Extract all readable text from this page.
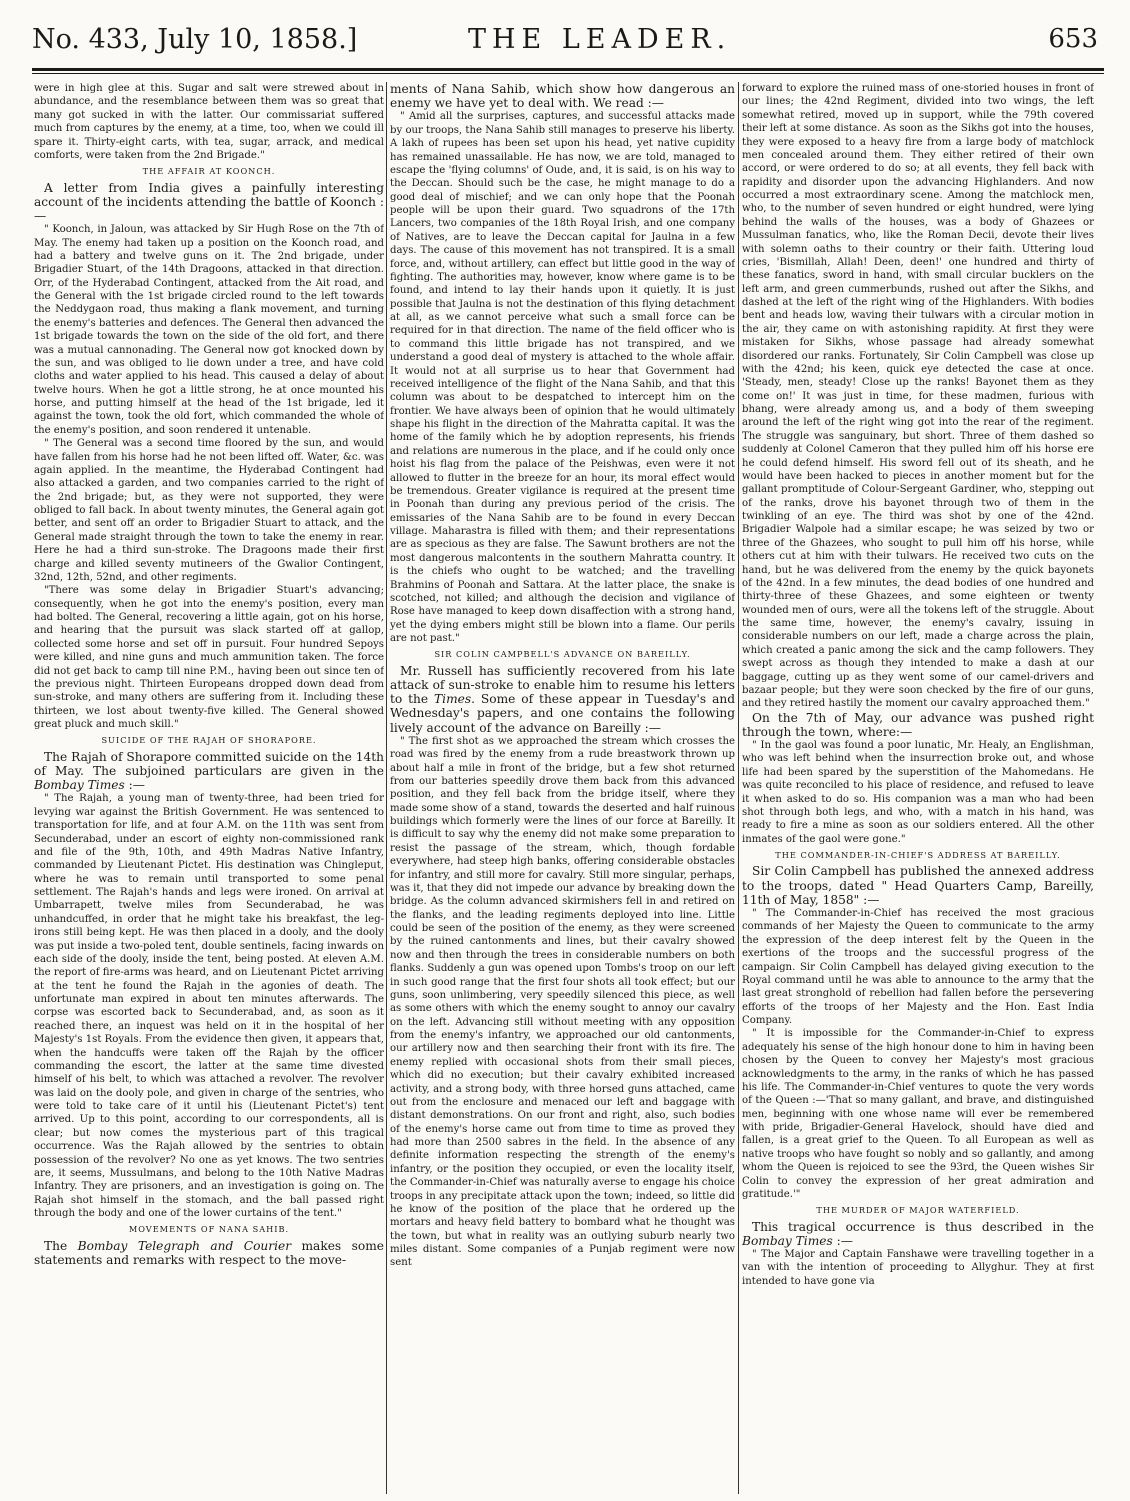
No. 433, July 10, 1858.]	THE LEADER.	653

were in high glee at this. Sugar and salt were strewed about in abundance, and the resemblance between them was so great that many got sucked in with the latter. Our commissariat suffered much from captures by the enemy, at a time, too, when we could ill spare it. Thirty-eight carts, with tea, sugar, arrack, and medical comforts, were taken from the 2nd Brigade."

THE AFFAIR AT KOONCH.

A letter from India gives a painfully interesting account of the incidents attending the battle of Koonch :—

" Koonch, in Jaloun, was attacked by Sir Hugh Rose on the 7th of May. The enemy had taken up a position on the Koonch road, and had a battery and twelve guns on it. The 2nd brigade, under Brigadier Stuart, of the 14th Dragoons, attacked in that direction. Orr, of the Hyderabad Contingent, attacked from the Ait road, and the General with the 1st brigade circled round to the left towards the Neddygaon road, thus making a flank movement, and turning the enemy's batteries and defences. The General then advanced the 1st brigade towards the town on the side of the old fort, and there was a mutual cannonading. The General now got knocked down by the sun, and was obliged to lie down under a tree, and have cold cloths and water applied to his head. This caused a delay of about twelve hours. When he got a little strong, he at once mounted his horse, and putting himself at the head of the 1st brigade, led it against the town, took the old fort, which commanded the whole of the enemy's position, and soon rendered it untenable.

" The General was a second time floored by the sun, and would have fallen from his horse had he not been lifted off. Water, &c. was again applied. In the meantime, the Hyderabad Contingent had also attacked a garden, and two companies carried to the right of the 2nd brigade; but, as they were not supported, they were obliged to fall back. In about twenty minutes, the General again got better, and sent off an order to Brigadier Stuart to attack, and the General made straight through the town to take the enemy in rear. Here he had a third sun-stroke. The Dragoons made their first charge and killed seventy mutineers of the Gwalior Contingent, 32nd, 12th, 52nd, and other regiments.

"There was some delay in Brigadier Stuart's advancing; consequently, when he got into the enemy's position, every man had bolted. The General, recovering a little again, got on his horse, and hearing that the pursuit was slack started off at gallop, collected some horse and set off in pursuit. Four hundred Sepoys were killed, and nine guns and much ammunition taken. The force did not get back to camp till nine P.M., having been out since ten of the previous night. Thirteen Europeans dropped down dead from sun-stroke, and many others are suffering from it. Including these thirteen, we lost about twenty-five killed. The General showed great pluck and much skill."

SUICIDE OF THE RAJAH OF SHORAPORE.

The Rajah of Shorapore committed suicide on the 14th of May. The subjoined particulars are given in the Bombay Times :—

" The Rajah, a young man of twenty-three, had been tried for levying war against the British Government. He was sentenced to transportation for life, and at four A.M. on the 11th was sent from Secunderabad, under an escort of eighty non-commissioned rank and file of the 9th, 10th, and 49th Madras Native Infantry, commanded by Lieutenant Pictet. His destination was Chingleput, where he was to remain until transported to some penal settlement. The Rajah's hands and legs were ironed. On arrival at Umbarrapett, twelve miles from Secunderabad, he was unhandcuffed, in order that he might take his breakfast, the leg-irons still being kept. He was then placed in a dooly, and the dooly was put inside a two-poled tent, double sentinels, facing inwards on each side of the dooly, inside the tent, being posted. At eleven A.M. the report of fire-arms was heard, and on Lieutenant Pictet arriving at the tent he found the Rajah in the agonies of death. The unfortunate man expired in about ten minutes afterwards. The corpse was escorted back to Secunderabad, and, as soon as it reached there, an inquest was held on it in the hospital of her Majesty's 1st Royals. From the evidence then given, it appears that, when the handcuffs were taken off the Rajah by the officer commanding the escort, the latter at the same time divested himself of his belt, to which was attached a revolver. The revolver was laid on the dooly pole, and given in charge of the sentries, who were told to take care of it until his (Lieutenant Pictet's) tent arrived. Up to this point, according to our correspondents, all is clear; but now comes the mysterious part of this tragical occurrence. Was the Rajah allowed by the sentries to obtain possession of the revolver? No one as yet knows. The two sentries are, it seems, Mussulmans, and belong to the 10th Native Madras Infantry. They are prisoners, and an investigation is going on. The Rajah shot himself in the stomach, and the ball passed right through the body and one of the lower curtains of the tent."

MOVEMENTS OF NANA SAHIB.

The Bombay Telegraph and Courier makes some statements and remarks with respect to the move-

ments of Nana Sahib, which show how dangerous an enemy we have yet to deal with. We read :—

" Amid all the surprises, captures, and successful attacks made by our troops, the Nana Sahib still manages to preserve his liberty. A lakh of rupees has been set upon his head, yet native cupidity has remained unassailable. He has now, we are told, managed to escape the 'flying columns' of Oude, and, it is said, is on his way to the Deccan. Should such be the case, he might manage to do a good deal of mischief; and we can only hope that the Poonah people will be upon their guard. Two squadrons of the 17th Lancers, two companies of the 18th Royal Irish, and one company of Natives, are to leave the Deccan capital for Jaulna in a few days. The cause of this movement has not transpired. It is a small force, and, without artillery, can effect but little good in the way of fighting. The authorities may, however, know where game is to be found, and intend to lay their hands upon it quietly. It is just possible that Jaulna is not the destination of this flying detachment at all, as we cannot perceive what such a small force can be required for in that direction. The name of the field officer who is to command this little brigade has not transpired, and we understand a good deal of mystery is attached to the whole affair. It would not at all surprise us to hear that Government had received intelligence of the flight of the Nana Sahib, and that this column was about to be despatched to intercept him on the frontier. We have always been of opinion that he would ultimately shape his flight in the direction of the Mahratta capital. It was the home of the family which he by adoption represents, his friends and relations are numerous in the place, and if he could only once hoist his flag from the palace of the Peishwas, even were it not allowed to flutter in the breeze for an hour, its moral effect would be tremendous. Greater vigilance is required at the present time in Poonah than during any previous period of the crisis. The emissaries of the Nana Sahib are to be found in every Deccan village. Maharastra is filled with them; and their representations are as specious as they are false. The Sawunt brothers are not the most dangerous malcontents in the southern Mahratta country. It is the chiefs who ought to be watched; and the travelling Brahmins of Poonah and Sattara. At the latter place, the snake is scotched, not killed; and although the decision and vigilance of Rose have managed to keep down disaffection with a strong hand, yet the dying embers might still be blown into a flame. Our perils are not past."

SIR COLIN CAMPBELL'S ADVANCE ON BAREILLY.

Mr. Russell has sufficiently recovered from his late attack of sun-stroke to enable him to resume his letters to the Times. Some of these appear in Tuesday's and Wednesday's papers, and one contains the following lively account of the advance on Bareilly :—

" The first shot as we approached the stream which crosses the road was fired by the enemy from a rude breastwork thrown up about half a mile in front of the bridge, but a few shot returned from our batteries speedily drove them back from this advanced position, and they fell back from the bridge itself, where they made some show of a stand, towards the deserted and half ruinous buildings which formerly were the lines of our force at Bareilly. It is difficult to say why the enemy did not make some preparation to resist the passage of the stream, which, though fordable everywhere, had steep high banks, offering considerable obstacles for infantry, and still more for cavalry. Still more singular, perhaps, was it, that they did not impede our advance by breaking down the bridge. As the column advanced skirmishers fell in and retired on the flanks, and the leading regiments deployed into line. Little could be seen of the position of the enemy, as they were screened by the ruined cantonments and lines, but their cavalry showed now and then through the trees in considerable numbers on both flanks. Suddenly a gun was opened upon Tombs's troop on our left in such good range that the first four shots all took effect; but our guns, soon unlimbering, very speedily silenced this piece, as well as some others with which the enemy sought to annoy our cavalry on the left. Advancing still without meeting with any opposition from the enemy's infantry, we approached our old cantonments, our artillery now and then searching their front with its fire. The enemy replied with occasional shots from their small pieces, which did no execution; but their cavalry exhibited increased activity, and a strong body, with three horsed guns attached, came out from the enclosure and menaced our left and baggage with distant demonstrations. On our front and right, also, such bodies of the enemy's horse came out from time to time as proved they had more than 2500 sabres in the field. In the absence of any definite information respecting the strength of the enemy's infantry, or the position they occupied, or even the locality itself, the Commander-in-Chief was naturally averse to engage his choice troops in any precipitate attack upon the town; indeed, so little did he know of the position of the place that he ordered up the mortars and heavy field battery to bombard what he thought was the town, but what in reality was an outlying suburb nearly two miles distant. Some companies of a Punjab regiment were now sent

forward to explore the ruined mass of one-storied houses in front of our lines; the 42nd Regiment, divided into two wings, the left somewhat retired, moved up in support, while the 79th covered their left at some distance. As soon as the Sikhs got into the houses, they were exposed to a heavy fire from a large body of matchlock men concealed around them. They either retired of their own accord, or were ordered to do so; at all events, they fell back with rapidity and disorder upon the advancing Highlanders. And now occurred a most extraordinary scene. Among the matchlock men, who, to the number of seven hundred or eight hundred, were lying behind the walls of the houses, was a body of Ghazees or Mussulman fanatics, who, like the Roman Decii, devote their lives with solemn oaths to their country or their faith. Uttering loud cries, 'Bismillah, Allah! Deen, deen!' one hundred and thirty of these fanatics, sword in hand, with small circular bucklers on the left arm, and green cummerbunds, rushed out after the Sikhs, and dashed at the left of the right wing of the Highlanders. With bodies bent and heads low, waving their tulwars with a circular motion in the air, they came on with astonishing rapidity. At first they were mistaken for Sikhs, whose passage had already somewhat disordered our ranks. Fortunately, Sir Colin Campbell was close up with the 42nd; his keen, quick eye detected the case at once. 'Steady, men, steady! Close up the ranks! Bayonet them as they come on!' It was just in time, for these madmen, furious with bhang, were already among us, and a body of them sweeping around the left of the right wing got into the rear of the regiment. The struggle was sanguinary, but short. Three of them dashed so suddenly at Colonel Cameron that they pulled him off his horse ere he could defend himself. His sword fell out of its sheath, and he would have been hacked to pieces in another moment but for the gallant promptitude of Colour-Sergeant Gardiner, who, stepping out of the ranks, drove his bayonet through two of them in the twinkling of an eye. The third was shot by one of the 42nd. Brigadier Walpole had a similar escape; he was seized by two or three of the Ghazees, who sought to pull him off his horse, while others cut at him with their tulwars. He received two cuts on the hand, but he was delivered from the enemy by the quick bayonets of the 42nd. In a few minutes, the dead bodies of one hundred and thirty-three of these Ghazees, and some eighteen or twenty wounded men of ours, were all the tokens left of the struggle. About the same time, however, the enemy's cavalry, issuing in considerable numbers on our left, made a charge across the plain, which created a panic among the sick and the camp followers. They swept across as though they intended to make a dash at our baggage, cutting up as they went some of our camel-drivers and bazaar people; but they were soon checked by the fire of our guns, and they retired hastily the moment our cavalry approached them."

On the 7th of May, our advance was pushed right through the town, where:—

" In the gaol was found a poor lunatic, Mr. Healy, an Englishman, who was left behind when the insurrection broke out, and whose life had been spared by the superstition of the Mahomedans. He was quite reconciled to his place of residence, and refused to leave it when asked to do so. His companion was a man who had been shot through both legs, and who, with a match in his hand, was ready to fire a mine as soon as our soldiers entered. All the other inmates of the gaol were gone."

THE COMMANDER-IN-CHIEF'S ADDRESS AT BAREILLY.

Sir Colin Campbell has published the annexed address to the troops, dated " Head Quarters Camp, Bareilly, 11th of May, 1858" :—

" The Commander-in-Chief has received the most gracious commands of her Majesty the Queen to communicate to the army the expression of the deep interest felt by the Queen in the exertions of the troops and the successful progress of the campaign. Sir Colin Campbell has delayed giving execution to the Royal command until he was able to announce to the army that the last great stronghold of rebellion had fallen before the persevering efforts of the troops of her Majesty and the Hon. East India Company.

" It is impossible for the Commander-in-Chief to express adequately his sense of the high honour done to him in having been chosen by the Queen to convey her Majesty's most gracious acknowledgments to the army, in the ranks of which he has passed his life. The Commander-in-Chief ventures to quote the very words of the Queen :—'That so many gallant, and brave, and distinguished men, beginning with one whose name will ever be remembered with pride, Brigadier-General Havelock, should have died and fallen, is a great grief to the Queen. To all European as well as native troops who have fought so nobly and so gallantly, and among whom the Queen is rejoiced to see the 93rd, the Queen wishes Sir Colin to convey the expression of her great admiration and gratitude.'"

THE MURDER OF MAJOR WATERFIELD.

This tragical occurrence is thus described in the Bombay Times :—

" The Major and Captain Fanshawe were travelling together in a van with the intention of proceeding to Allyghur. They at first intended to have gone via
